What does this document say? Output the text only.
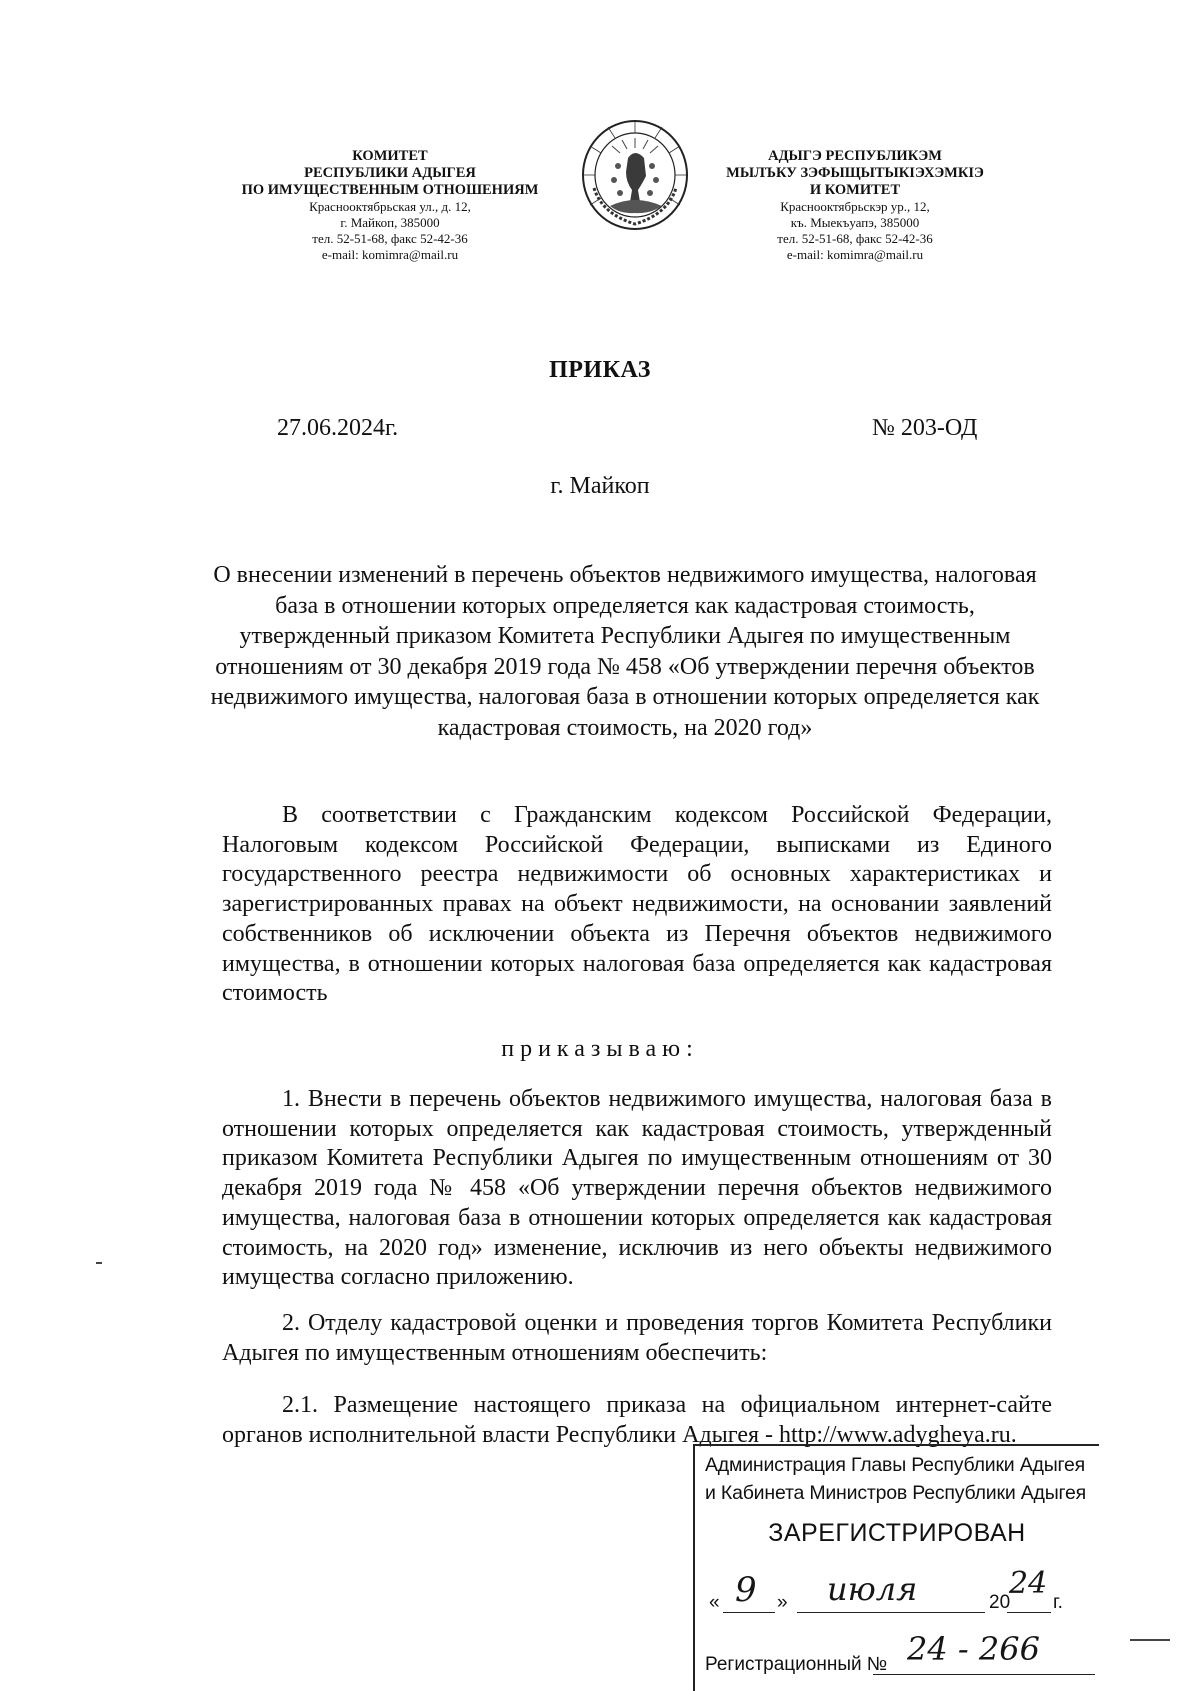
КОМИТЕТ
РЕСПУБЛИКИ АДЫГЕЯ
ПО ИМУЩЕСТВЕННЫМ ОТНОШЕНИЯМ
Краснооктябрьская ул., д. 12,
г. Майкоп, 385000
тел. 52-51-68, факс 52-42-36
e-mail: komimra@mail.ru
АДЫГЭ РЕСПУБЛИКЭМ
МЫЛЪКУ ЗЭФЫЩЫТЫКІЭХЭМКІЭ
И КОМИТЕТ
Краснооктябрьскэр ур., 12,
къ. Мыекъуапэ, 385000
тел. 52-51-68, факс 52-42-36
e-mail: komimra@mail.ru
ПРИКАЗ
27.06.2024г.	№ 203-ОД
г. Майкоп
О внесении изменений в перечень объектов недвижимого имущества, налоговая база в отношении которых определяется как кадастровая стоимость, утвержденный приказом Комитета Республики Адыгея по имущественным отношениям от 30 декабря 2019 года № 458 «Об утверждении перечня объектов недвижимого имущества, налоговая база в отношении которых определяется как кадастровая стоимость, на 2020 год»
В соответствии с Гражданским кодексом Российской Федерации, Налоговым кодексом Российской Федерации, выписками из Единого государственного реестра недвижимости об основных характеристиках и зарегистрированных правах на объект недвижимости, на основании заявлений собственников об исключении объекта из Перечня объектов недвижимого имущества, в отношении которых налоговая база определяется как кадастровая стоимость
приказываю:
1. Внести в перечень объектов недвижимого имущества, налоговая база в отношении которых определяется как кадастровая стоимость, утвержденный приказом Комитета Республики Адыгея по имущественным отношениям от 30 декабря 2019 года № 458 «Об утверждении перечня объектов недвижимого имущества, налоговая база в отношении которых определяется как кадастровая стоимость, на 2020 год» изменение, исключив из него объекты недвижимого имущества согласно приложению.
2. Отделу кадастровой оценки и проведения торгов Комитета Республики Адыгея по имущественным отношениям обеспечить:
2.1. Размещение настоящего приказа на официальном интернет-сайте органов исполнительной власти Республики Адыгея - http://www.adygheya.ru.
Администрация Главы Республики Адыгея
и Кабинета Министров Республики Адыгея
ЗАРЕГИСТРИРОВАН
« 9 » июля	20
24
г.
Регистрационный № 24 - 266
